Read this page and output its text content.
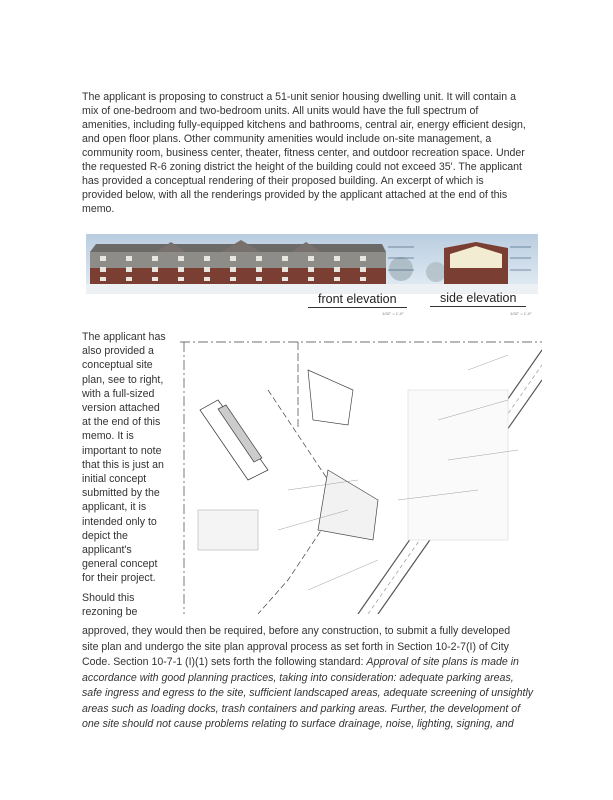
The applicant is proposing to construct a 51-unit senior housing dwelling unit. It will contain a
mix of one-bedroom and two-bedroom units. All units would have the full spectrum of
amenities, including fully-equipped kitchens and bathrooms, central air, energy efficient design,
and open floor plans. Other community amenities would include on-site management, a
community room, business center, theater, fitness center, and outdoor recreation space. Under
the requested R-6 zoning district the height of the building could not exceed 35'. The applicant
has provided a conceptual rendering of their proposed building. An excerpt of which is
provided below, with all the renderings provided by the applicant attached at the end of this
memo.
front elevation
1/32" = 1'-0"
side elevation
1/32" = 1'-0"
The applicant has
also provided a
conceptual site
plan, see to right,
with a full-sized
version attached
at the end of this
memo. It is
important to note
that this is just an
initial concept
submitted by the
applicant, it is
intended only to
depict the
applicant's
general concept
for their project.
Should this
rezoning be
approved, they would then be required, before any construction, to submit a fully developed
site plan and undergo the site plan approval process as set forth in Section 10-2-7(I) of City
Code. Section 10-7-1 (I)(1) sets forth the following standard: Approval of site plans is made in
accordance with good planning practices, taking into consideration: adequate parking areas,
safe ingress and egress to the site, sufficient landscaped areas, adequate screening of unsightly
areas such as loading docks, trash containers and parking areas. Further, the development of
one site should not cause problems relating to surface drainage, noise, lighting, signing, and
